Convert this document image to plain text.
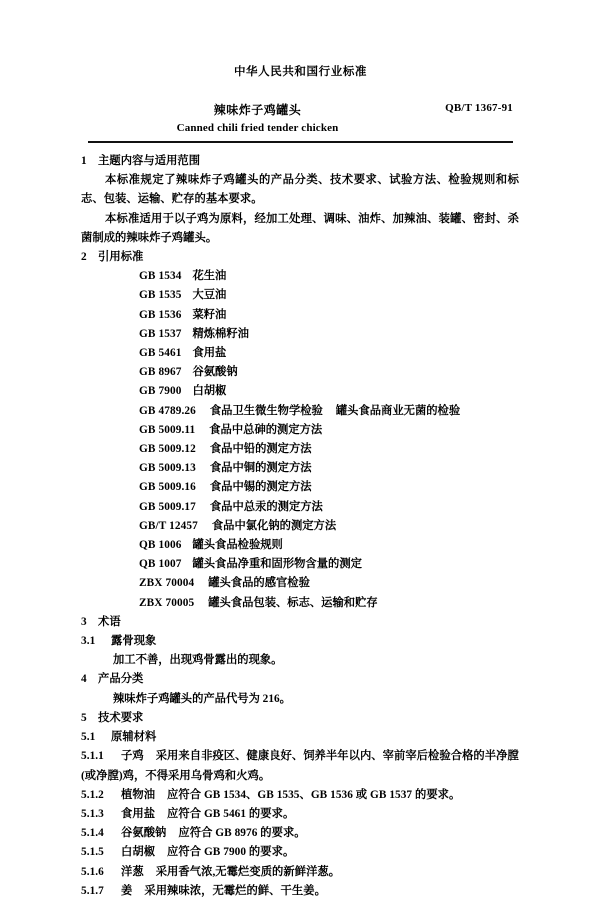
中华人民共和国行业标准
辣味炸子鸡罐头	QB/T 1367-91
Canned chili fried tender chicken
1 主题内容与适用范围
本标准规定了辣味炸子鸡罐头的产品分类、技术要求、试验方法、检验规则和标志、包装、运输、贮存的基本要求。
本标准适用于以子鸡为原料，经加工处理、调味、油炸、加辣油、装罐、密封、杀菌制成的辣味炸子鸡罐头。
2 引用标准
GB 1534 花生油
GB 1535 大豆油
GB 1536 菜籽油
GB 1537 精炼棉籽油
GB 5461 食用盐
GB 8967 谷氨酸钠
GB 7900 白胡椒
GB 4789.26 食品卫生微生物学检验 罐头食品商业无菌的检验
GB 5009.11 食品中总砷的测定方法
GB 5009.12 食品中铅的测定方法
GB 5009.13 食品中铜的测定方法
GB 5009.16 食品中锡的测定方法
GB 5009.17 食品中总汞的测定方法
GB/T 12457 食品中氯化钠的测定方法
QB 1006 罐头食品检验规则
QB 1007 罐头食品净重和固形物含量的测定
ZBX 70004 罐头食品的感官检验
ZBX 70005 罐头食品包装、标志、运输和贮存
3 术语
3.1 露骨现象
加工不善，出现鸡骨露出的现象。
4 产品分类
辣味炸子鸡罐头的产品代号为 216。
5 技术要求
5.1 原辅材料
5.1.1 子鸡 采用来自非疫区、健康良好、饲养半年以内、宰前宰后检验合格的半净膛(或净膛)鸡，不得采用乌骨鸡和火鸡。
5.1.2 植物油 应符合 GB 1534、GB 1535、GB 1536 或 GB 1537 的要求。
5.1.3 食用盐 应符合 GB 5461 的要求。
5.1.4 谷氨酸钠 应符合 GB 8976 的要求。
5.1.5 白胡椒 应符合 GB 7900 的要求。
5.1.6 洋葱 采用香气浓,无霉烂变质的新鲜洋葱。
5.1.7 姜 采用辣味浓，无霉烂的鲜、干生姜。
